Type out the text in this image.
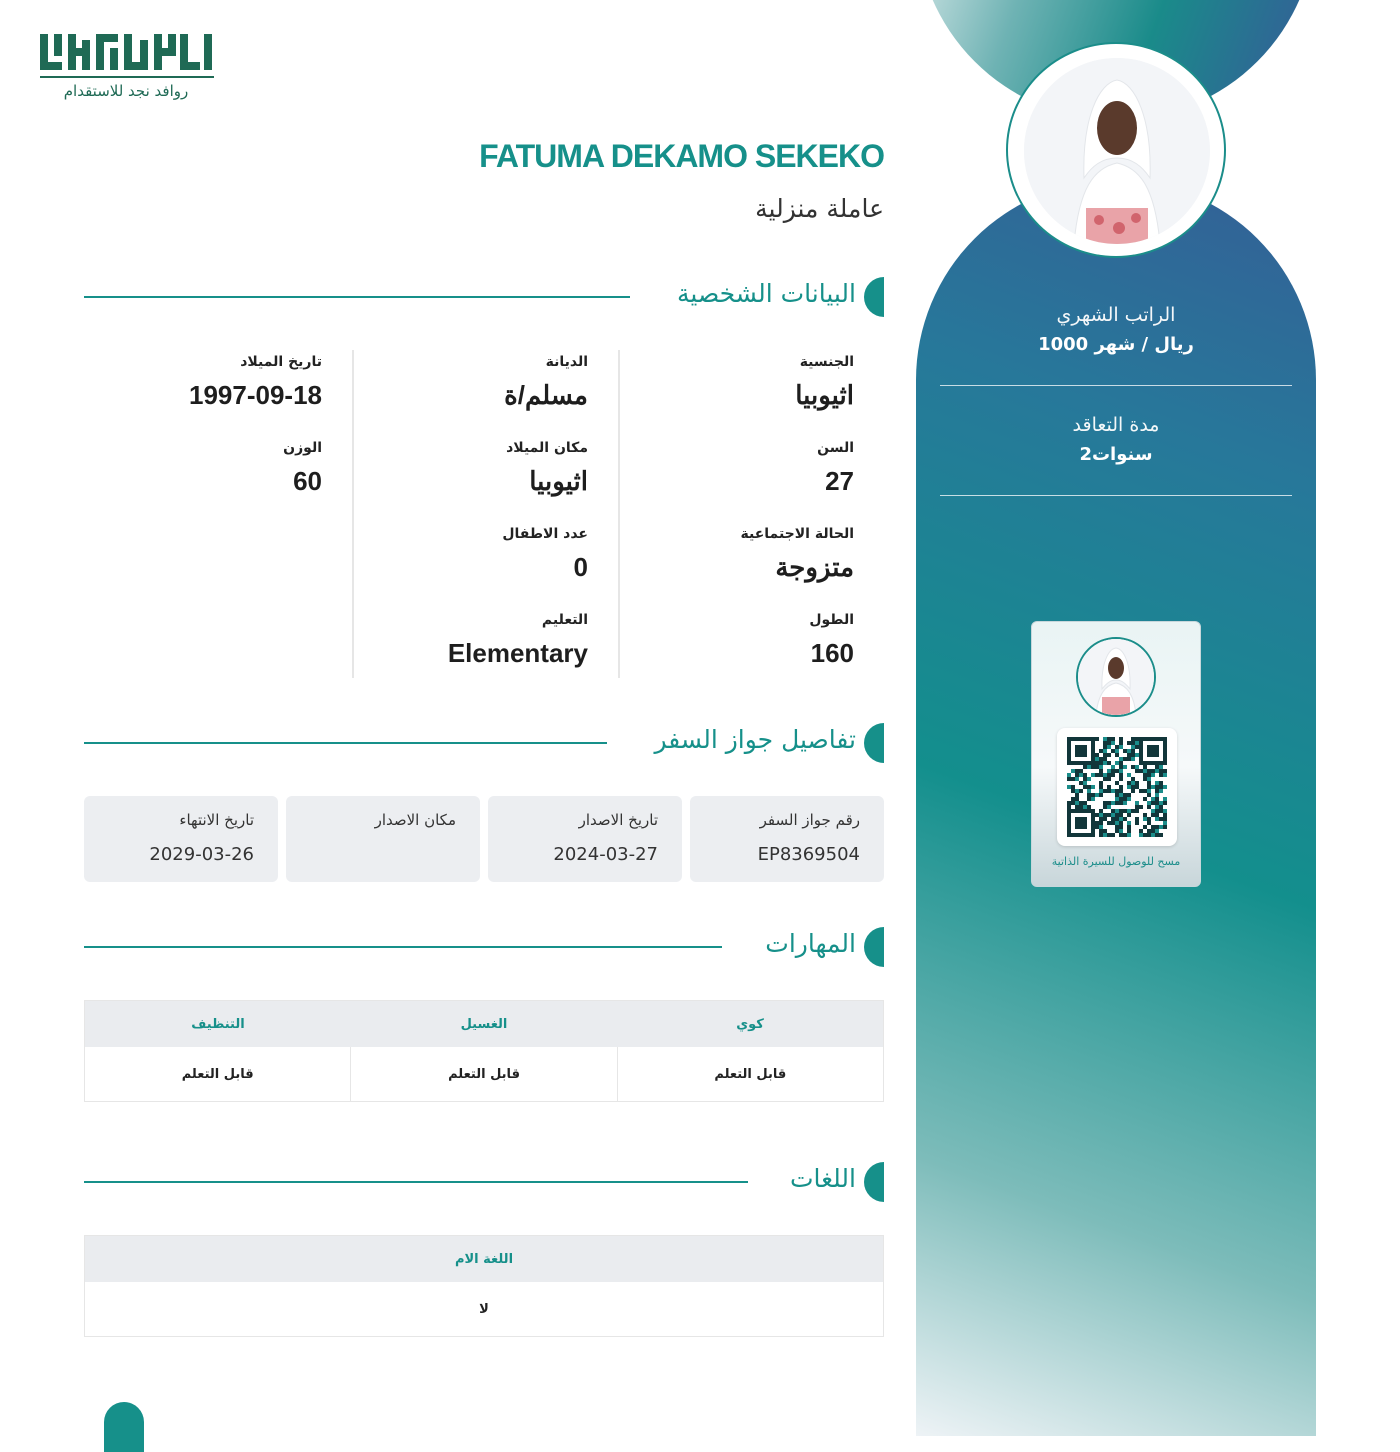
الراتب الشهري
1000 ريال / شهر
مدة التعاقد
2سنوات
مسح للوصول للسيرة الذاتية
روافد نجد للاستقدام
FATUMA DEKAMO SEKEKO
عاملة منزلية
البيانات الشخصية
الجنسية
اثيوبيا
السن
27
الحالة الاجتماعية
متزوجة
الطول
160
الديانة
مسلم/ة
مكان الميلاد
اثيوبيا
عدد الاطفال
0
التعليم
Elementary
تاريخ الميلاد
1997-09-18
الوزن
60
تفاصيل جواز السفر
رقم جواز السفر
EP8369504
تاريخ الاصدار
2024-03-27
مكان الاصدار
تاريخ الانتهاء
2029-03-26
المهارات
كوي
الغسيل
التنظيف
قابل التعلم
قابل التعلم
قابل التعلم
اللغات
اللغة الام
لا
